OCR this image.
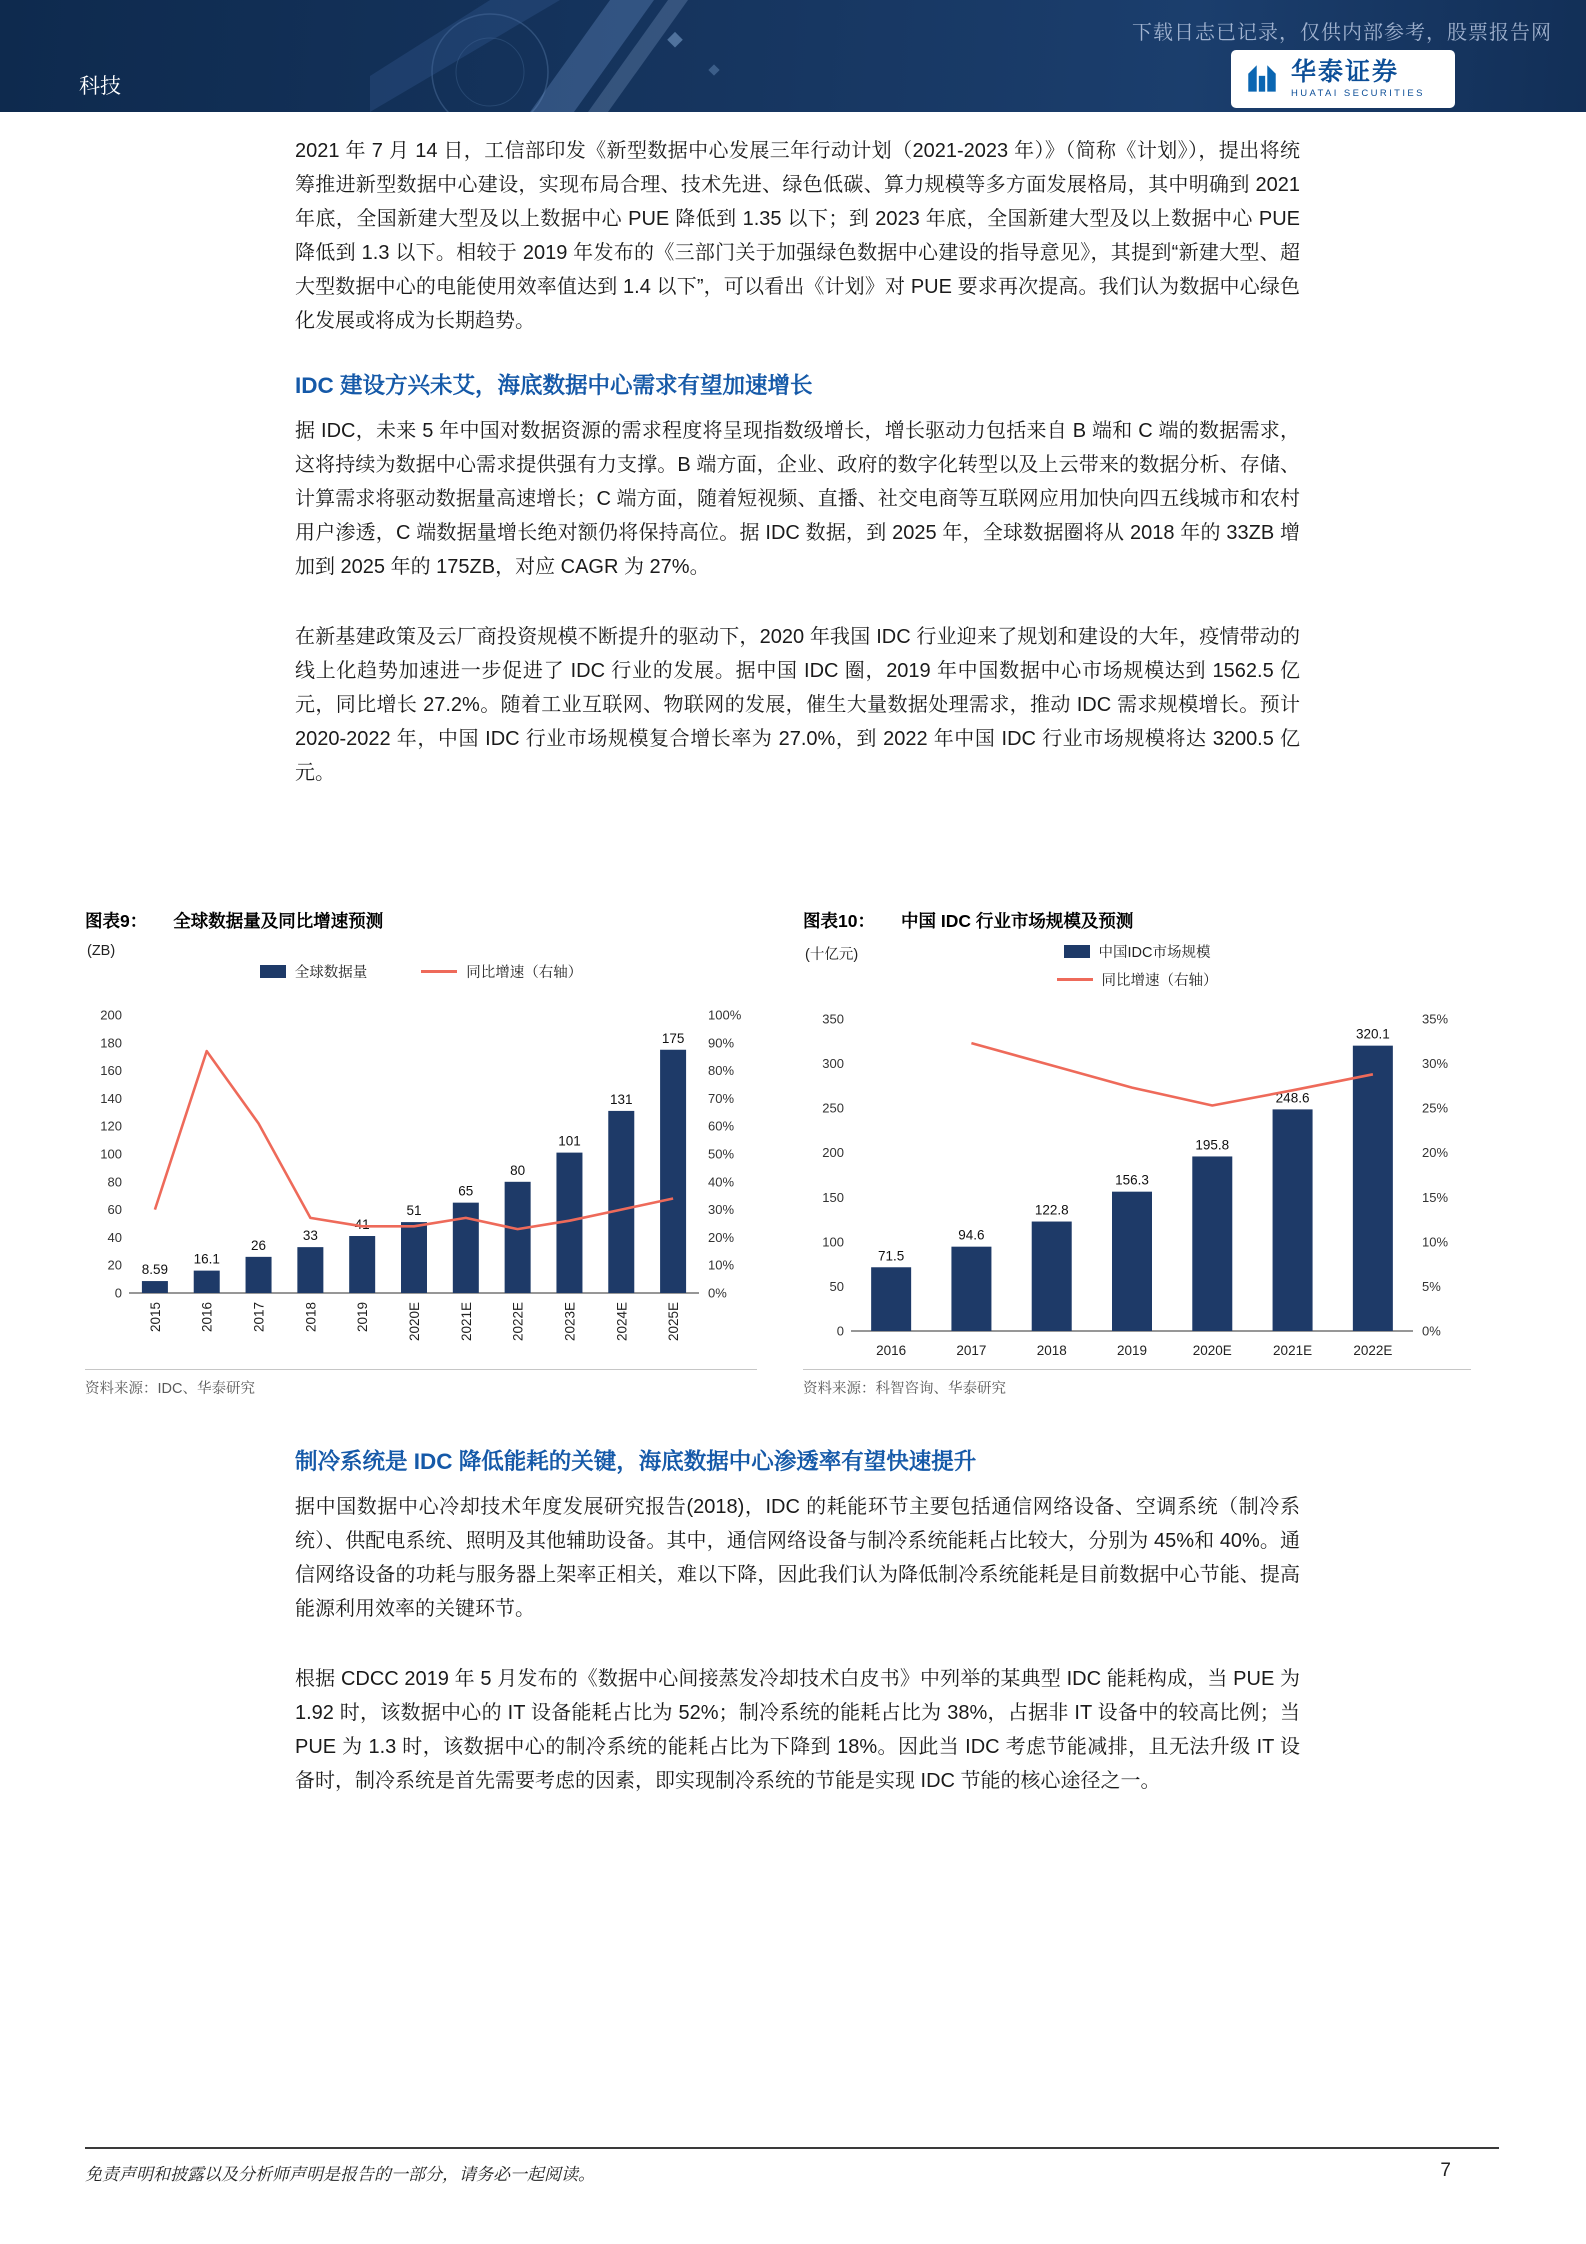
下载日志已记录，仅供内部参考，股票报告网
科技
华泰证券
HUATAI SECURITIES

2021 年 7 月 14 日，工信部印发《新型数据中心发展三年行动计划（2021-2023 年）》（简称《计划》），提出将统筹推进新型数据中心建设，实现布局合理、技术先进、绿色低碳、算力规模等多方面发展格局，其中明确到 2021 年底，全国新建大型及以上数据中心 PUE 降低到 1.35 以下；到 2023 年底，全国新建大型及以上数据中心 PUE 降低到 1.3 以下。相较于 2019 年发布的《三部门关于加强绿色数据中心建设的指导意见》，其提到“新建大型、超大型数据中心的电能使用效率值达到 1.4 以下”，可以看出《计划》对 PUE 要求再次提高。我们认为数据中心绿色化发展或将成为长期趋势。

IDC 建设方兴未艾，海底数据中心需求有望加速增长

据 IDC，未来 5 年中国对数据资源的需求程度将呈现指数级增长，增长驱动力包括来自 B 端和 C 端的数据需求，这将持续为数据中心需求提供强有力支撑。B 端方面，企业、政府的数字化转型以及上云带来的数据分析、存储、计算需求将驱动数据量高速增长；C 端方面，随着短视频、直播、社交电商等互联网应用加快向四五线城市和农村用户渗透，C 端数据量增长绝对额仍将保持高位。据 IDC 数据，到 2025 年，全球数据圈将从 2018 年的 33ZB 增加到 2025 年的 175ZB，对应 CAGR 为 27%。

在新基建政策及云厂商投资规模不断提升的驱动下，2020 年我国 IDC 行业迎来了规划和建设的大年，疫情带动的线上化趋势加速进一步促进了 IDC 行业的发展。据中国 IDC 圈，2019 年中国数据中心市场规模达到 1562.5 亿元，同比增长 27.2%。随着工业互联网、物联网的发展，催生大量数据处理需求，推动 IDC 需求规模增长。预计 2020-2022 年，中国 IDC 行业市场规模复合增长率为 27.0%，到 2022 年中国 IDC 行业市场规模将达 3200.5 亿元。

图表9： 全球数据量及同比增速预测
(ZB)
全球数据量	同比增速（右轴）
0
20
40
60
80
100
120
140
160
180
200
0%
10%
20%
30%
40%
50%
60%
70%
80%
90%
100%
8.59
16.1
26
33
41
51
65
80
101
131
175
2015	2016	2017	2018	2019	2020E	2021E	2022E	2023E	2024E	2025E
资料来源：IDC、华泰研究
图表10： 中国 IDC 行业市场规模及预测
(十亿元)	中国IDC市场规模
同比增速（右轴）
0
50
100
150
200
250
300
350
0%
5%
10%
15%
20%
25%
30%
35%
71.5
94.6
122.8
156.3
195.8
248.6
320.1
2016	2017	2018	2019	2020E	2021E	2022E
资料来源：科智咨询、华泰研究
制冷系统是 IDC 降低能耗的关键，海底数据中心渗透率有望快速提升

据中国数据中心冷却技术年度发展研究报告(2018)，IDC 的耗能环节主要包括通信网络设备、空调系统（制冷系统）、供配电系统、照明及其他辅助设备。其中，通信网络设备与制冷系统能耗占比较大，分别为 45%和 40%。通信网络设备的功耗与服务器上架率正相关，难以下降，因此我们认为降低制冷系统能耗是目前数据中心节能、提高能源利用效率的关键环节。

根据 CDCC 2019 年 5 月发布的《数据中心间接蒸发冷却技术白皮书》中列举的某典型 IDC 能耗构成，当 PUE 为 1.92 时，该数据中心的 IT 设备能耗占比为 52%；制冷系统的能耗占比为 38%，占据非 IT 设备中的较高比例；当 PUE 为 1.3 时，该数据中心的制冷系统的能耗占比为下降到 18%。因此当 IDC 考虑节能减排，且无法升级 IT 设备时，制冷系统是首先需要考虑的因素，即实现制冷系统的节能是实现 IDC 节能的核心途径之一。

免责声明和披露以及分析师声明是报告的一部分，请务必一起阅读。	7
